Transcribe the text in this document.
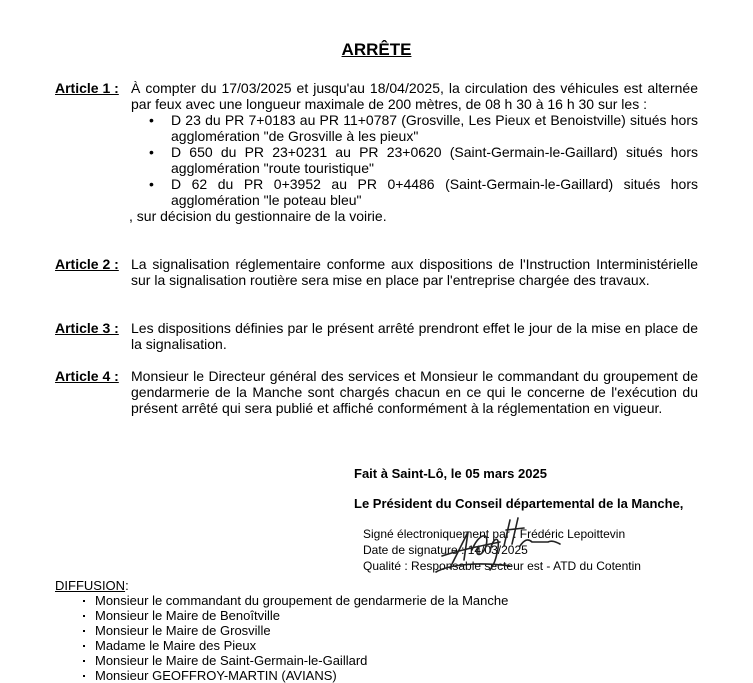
ARRÊTE
Article 1 : À compter du 17/03/2025 et jusqu'au 18/04/2025, la circulation des véhicules est alternée par feux avec une longueur maximale de 200 mètres, de 08 h 30 à 16 h 30 sur les :
• D 23 du PR 7+0183 au PR 11+0787 (Grosville, Les Pieux et Benoistville) situés hors agglomération "de Grosville à les pieux"
• D 650 du PR 23+0231 au PR 23+0620 (Saint-Germain-le-Gaillard) situés hors agglomération "route touristique"
• D 62 du PR 0+3952 au PR 0+4486 (Saint-Germain-le-Gaillard) situés hors agglomération "le poteau bleu"
, sur décision du gestionnaire de la voirie.
Article 2 : La signalisation réglementaire conforme aux dispositions de l'Instruction Interministérielle sur la signalisation routière sera mise en place par l'entreprise chargée des travaux.
Article 3 : Les dispositions définies par le présent arrêté prendront effet le jour de la mise en place de la signalisation.
Article 4 : Monsieur le Directeur général des services et Monsieur le commandant du groupement de gendarmerie de la Manche sont chargés chacun en ce qui le concerne de l'exécution du présent arrêté qui sera publié et affiché conformément à la réglementation en vigueur.
Fait à Saint-Lô, le 05 mars 2025
Le Président du Conseil départemental de la Manche,
Signé électroniquement par : Frédéric Lepoittevin
Date de signature : 14/03/2025
Qualité : Responsable secteur est - ATD du Cotentin
DIFFUSION:
Monsieur le commandant du groupement de gendarmerie de la Manche
Monsieur le Maire de Benoîtville
Monsieur le Maire de Grosville
Madame le Maire des Pieux
Monsieur le Maire de Saint-Germain-le-Gaillard
Monsieur GEOFFROY-MARTIN (AVIANS)
